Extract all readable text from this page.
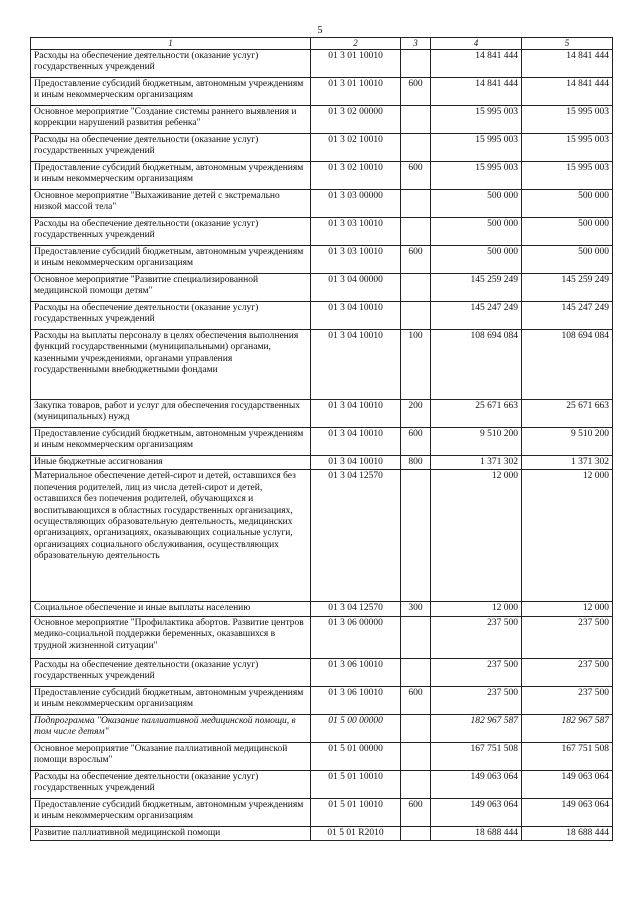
5
1	2	3	4	5
Расходы на обеспечение деятельности (оказание услуг) государственных учреждений	01 3 01 10010		14 841 444	14 841 444
Предоставление субсидий бюджетным, автономным учреждениям и иным некоммерческим организациям	01 3 01 10010	600	14 841 444	14 841 444
Основное мероприятие "Создание системы раннего выявления и коррекции нарушений развития ребенка"	01 3 02 00000		15 995 003	15 995 003
Расходы на обеспечение деятельности (оказание услуг) государственных учреждений	01 3 02 10010		15 995 003	15 995 003
Предоставление субсидий бюджетным, автономным учреждениям и иным некоммерческим организациям	01 3 02 10010	600	15 995 003	15 995 003
Основное мероприятие "Выхаживание детей с экстремально низкой массой тела"	01 3 03 00000		500 000	500 000
Расходы на обеспечение деятельности (оказание услуг) государственных учреждений	01 3 03 10010		500 000	500 000
Предоставление субсидий бюджетным, автономным учреждениям и иным некоммерческим организациям	01 3 03 10010	600	500 000	500 000
Основное мероприятие "Развитие специализированной медицинской помощи детям"	01 3 04 00000		145 259 249	145 259 249
Расходы на обеспечение деятельности (оказание услуг) государственных учреждений	01 3 04 10010		145 247 249	145 247 249
Расходы на выплаты персоналу в целях обеспечения выполнения функций государственными (муниципальными) органами, казенными учреждениями, органами управления государственными внебюджетными фондами	01 3 04 10010	100	108 694 084	108 694 084
Закупка товаров, работ и услуг для обеспечения государственных (муниципальных) нужд	01 3 04 10010	200	25 671 663	25 671 663
Предоставление субсидий бюджетным, автономным учреждениям и иным некоммерческим организациям	01 3 04 10010	600	9 510 200	9 510 200
Иные бюджетные ассигнования	01 3 04 10010	800	1 371 302	1 371 302
Материальное обеспечение детей-сирот и детей, оставшихся без попечения родителей, лиц из числа детей-сирот и детей, оставшихся без попечения родителей, обучающихся и воспитывающихся в областных государственных организациях, осуществляющих образовательную деятельность, медицинских организациях, организациях, оказывающих социальные услуги, организациях социального обслуживания, осуществляющих образовательную деятельность	01 3 04 12570		12 000	12 000
Социальное обеспечение и иные выплаты населению	01 3 04 12570	300	12 000	12 000
Основное мероприятие "Профилактика абортов. Развитие центров медико-социальной поддержки беременных, оказавшихся в трудной жизненной ситуации"	01 3 06 00000		237 500	237 500
Расходы на обеспечение деятельности (оказание услуг) государственных учреждений	01 3 06 10010		237 500	237 500
Предоставление субсидий бюджетным, автономным учреждениям и иным некоммерческим организациям	01 3 06 10010	600	237 500	237 500
Подпрограмма "Оказание паллиативной медицинской помощи, в том числе детям"	01 5 00 00000		182 967 587	182 967 587
Основное мероприятие "Оказание паллиативной медицинской помощи взрослым"	01 5 01 00000		167 751 508	167 751 508
Расходы на обеспечение деятельности (оказание услуг) государственных учреждений	01 5 01 10010		149 063 064	149 063 064
Предоставление субсидий бюджетным, автономным учреждениям и иным некоммерческим организациям	01 5 01 10010	600	149 063 064	149 063 064
Развитие паллиативной медицинской помощи	01 5 01 R2010		18 688 444	18 688 444
